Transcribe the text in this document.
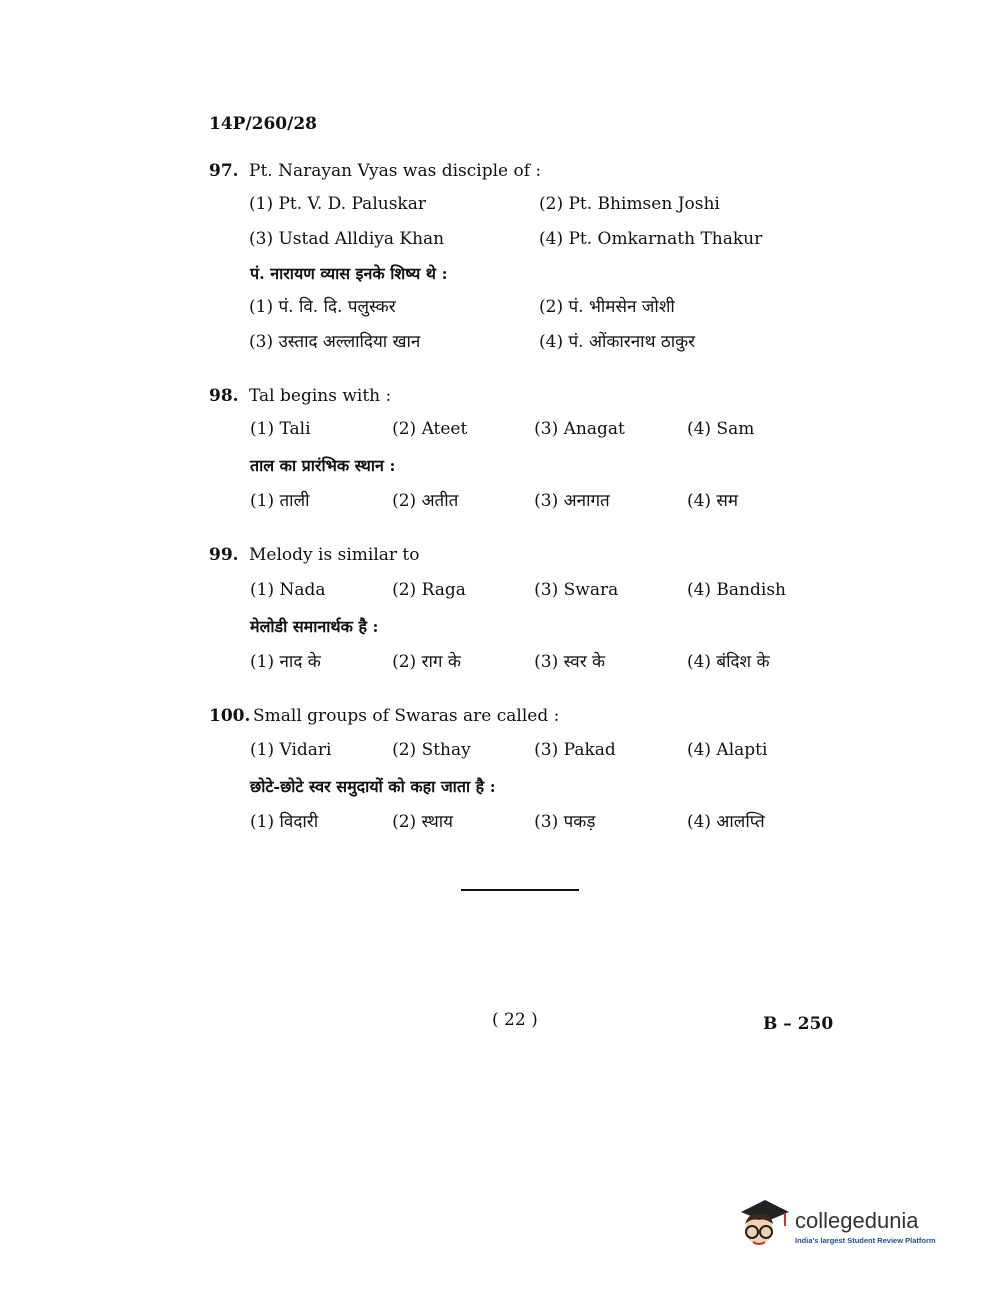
14P/260/28
97. Pt. Narayan Vyas was disciple of :
(1) Pt. V. D. Paluskar	(2) Pt. Bhimsen Joshi
(3) Ustad Alldiya Khan	(4) Pt. Omkarnath Thakur
पं. नारायण व्यास इनके शिष्य थे :
(1) पं. वि. दि. पलुस्कर	(2) पं. भीमसेन जोशी
(3) उस्ताद अल्लादिया खान	(4) पं. ओंकारनाथ ठाकुर
98. Tal begins with :
(1) Tali	(2) Ateet	(3) Anagat	(4) Sam
ताल का प्रारंभिक स्थान :
(1) ताली	(2) अतीत	(3) अनागत	(4) सम
99. Melody is similar to
(1) Nada	(2) Raga	(3) Swara	(4) Bandish
मेलोडी समानार्थक है :
(1) नाद के	(2) राग के	(3) स्वर के	(4) बंदिश के
100. Small groups of Swaras are called :
(1) Vidari	(2) Sthay	(3) Pakad	(4) Alapti
छोटे-छोटे स्वर समुदायों को कहा जाता है :
(1) विदारी	(2) स्थाय	(3) पकड़	(4) आलप्ति
( 22 )	B – 250
collegedunia
India's largest Student Review Platform
